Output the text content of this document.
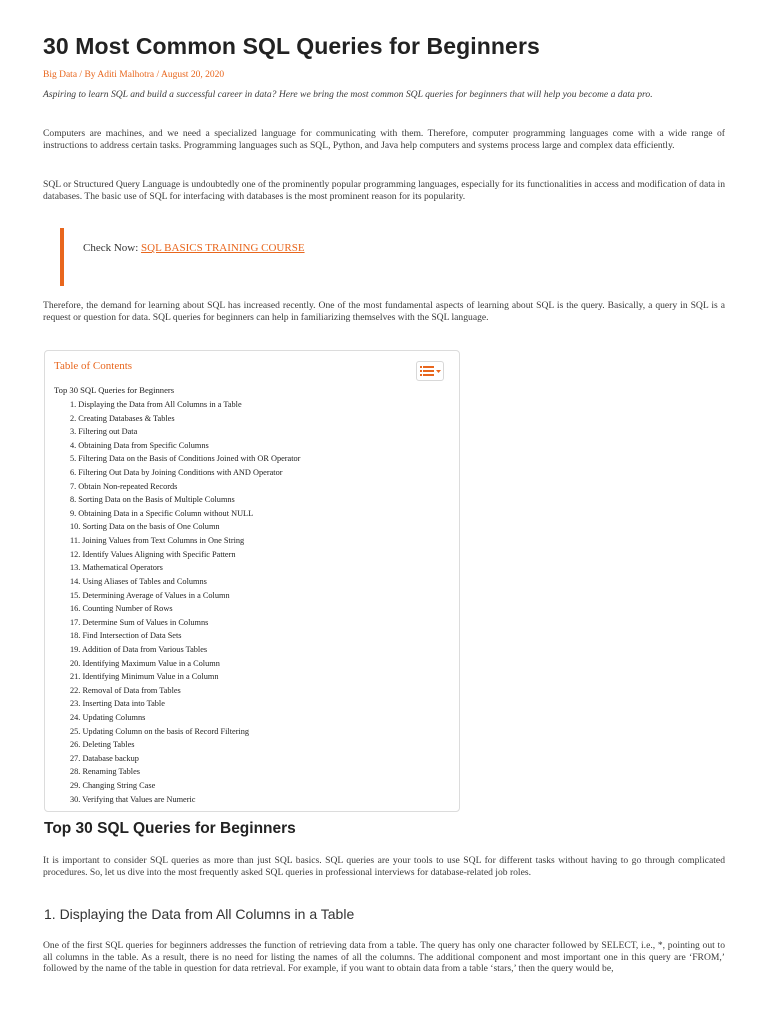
30 Most Common SQL Queries for Beginners
Big Data / By Aditi Malhotra / August 20, 2020

Aspiring to learn SQL and build a successful career in data? Here we bring the most common SQL queries for beginners that will help you become a data pro.

Computers are machines, and we need a specialized language for communicating with them. Therefore, computer programming languages come with a wide range of instructions to address certain tasks. Programming languages such as SQL, Python, and Java help computers and systems process large and complex data efficiently.

SQL or Structured Query Language is undoubtedly one of the prominently popular programming languages, especially for its functionalities in access and modification of data in databases. The basic use of SQL for interfacing with databases is the most prominent reason for its popularity.

Check Now: SQL BASICS TRAINING COURSE

Therefore, the demand for learning about SQL has increased recently. One of the most fundamental aspects of learning about SQL is the query. Basically, a query in SQL is a request or question for data. SQL queries for beginners can help in familiarizing themselves with the SQL language.

Table of Contents
Top 30 SQL Queries for Beginners
1. Displaying the Data from All Columns in a Table
2. Creating Databases & Tables
3. Filtering out Data
4. Obtaining Data from Specific Columns
5. Filtering Data on the Basis of Conditions Joined with OR Operator
6. Filtering Out Data by Joining Conditions with AND Operator
7. Obtain Non-repeated Records
8. Sorting Data on the Basis of Multiple Columns
9. Obtaining Data in a Specific Column without NULL
10. Sorting Data on the basis of One Column
11. Joining Values from Text Columns in One String
12. Identify Values Aligning with Specific Pattern
13. Mathematical Operators
14. Using Aliases of Tables and Columns
15. Determining Average of Values in a Column
16. Counting Number of Rows
17. Determine Sum of Values in Columns
18. Find Intersection of Data Sets
19. Addition of Data from Various Tables
20. Identifying Maximum Value in a Column
21. Identifying Minimum Value in a Column
22. Removal of Data from Tables
23. Inserting Data into Table
24. Updating Columns
25. Updating Column on the basis of Record Filtering
26. Deleting Tables
27. Database backup
28. Renaming Tables
29. Changing String Case
30. Verifying that Values are Numeric
Top 30 SQL Queries for Beginners

It is important to consider SQL queries as more than just SQL basics. SQL queries are your tools to use SQL for different tasks without having to go through complicated procedures. So, let us dive into the most frequently asked SQL queries in professional interviews for database-related job roles.

1. Displaying the Data from All Columns in a Table

One of the first SQL queries for beginners addresses the function of retrieving data from a table. The query has only one character followed by SELECT, i.e., *, pointing out to all columns in the table. As a result, there is no need for listing the names of all the columns. The additional component and most important one in this query are ‘FROM,’ followed by the name of the table in question for data retrieval. For example, if you want to obtain data from a table ‘stars,’ then the query would be,
